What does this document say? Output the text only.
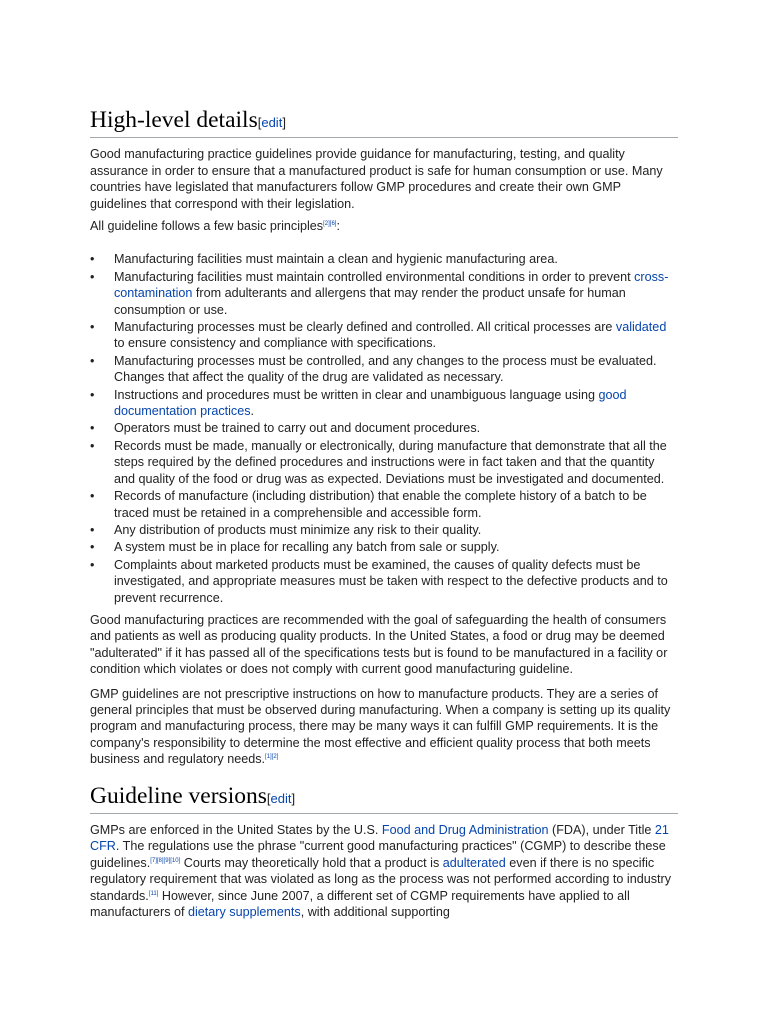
High-level details[edit]

Good manufacturing practice guidelines provide guidance for manufacturing, testing, and quality assurance in order to ensure that a manufactured product is safe for human consumption or use. Many countries have legislated that manufacturers follow GMP procedures and create their own GMP guidelines that correspond with their legislation.

All guideline follows a few basic principles[2][6]:

• Manufacturing facilities must maintain a clean and hygienic manufacturing area.
• Manufacturing facilities must maintain controlled environmental conditions in order to prevent cross-contamination from adulterants and allergens that may render the product unsafe for human consumption or use.
• Manufacturing processes must be clearly defined and controlled. All critical processes are validated to ensure consistency and compliance with specifications.
• Manufacturing processes must be controlled, and any changes to the process must be evaluated. Changes that affect the quality of the drug are validated as necessary.
• Instructions and procedures must be written in clear and unambiguous language using good documentation practices.
• Operators must be trained to carry out and document procedures.
• Records must be made, manually or electronically, during manufacture that demonstrate that all the steps required by the defined procedures and instructions were in fact taken and that the quantity and quality of the food or drug was as expected. Deviations must be investigated and documented.
• Records of manufacture (including distribution) that enable the complete history of a batch to be traced must be retained in a comprehensible and accessible form.
• Any distribution of products must minimize any risk to their quality.
• A system must be in place for recalling any batch from sale or supply.
• Complaints about marketed products must be examined, the causes of quality defects must be investigated, and appropriate measures must be taken with respect to the defective products and to prevent recurrence.

Good manufacturing practices are recommended with the goal of safeguarding the health of consumers and patients as well as producing quality products. In the United States, a food or drug may be deemed "adulterated" if it has passed all of the specifications tests but is found to be manufactured in a facility or condition which violates or does not comply with current good manufacturing guideline.

GMP guidelines are not prescriptive instructions on how to manufacture products. They are a series of general principles that must be observed during manufacturing. When a company is setting up its quality program and manufacturing process, there may be many ways it can fulfill GMP requirements. It is the company's responsibility to determine the most effective and efficient quality process that both meets business and regulatory needs.[1][2]

Guideline versions[edit]

GMPs are enforced in the United States by the U.S. Food and Drug Administration (FDA), under Title 21 CFR. The regulations use the phrase "current good manufacturing practices" (CGMP) to describe these guidelines.[7][8][9][10] Courts may theoretically hold that a product is adulterated even if there is no specific regulatory requirement that was violated as long as the process was not performed according to industry standards.[11] However, since June 2007, a different set of CGMP requirements have applied to all manufacturers of dietary supplements, with additional supporting
